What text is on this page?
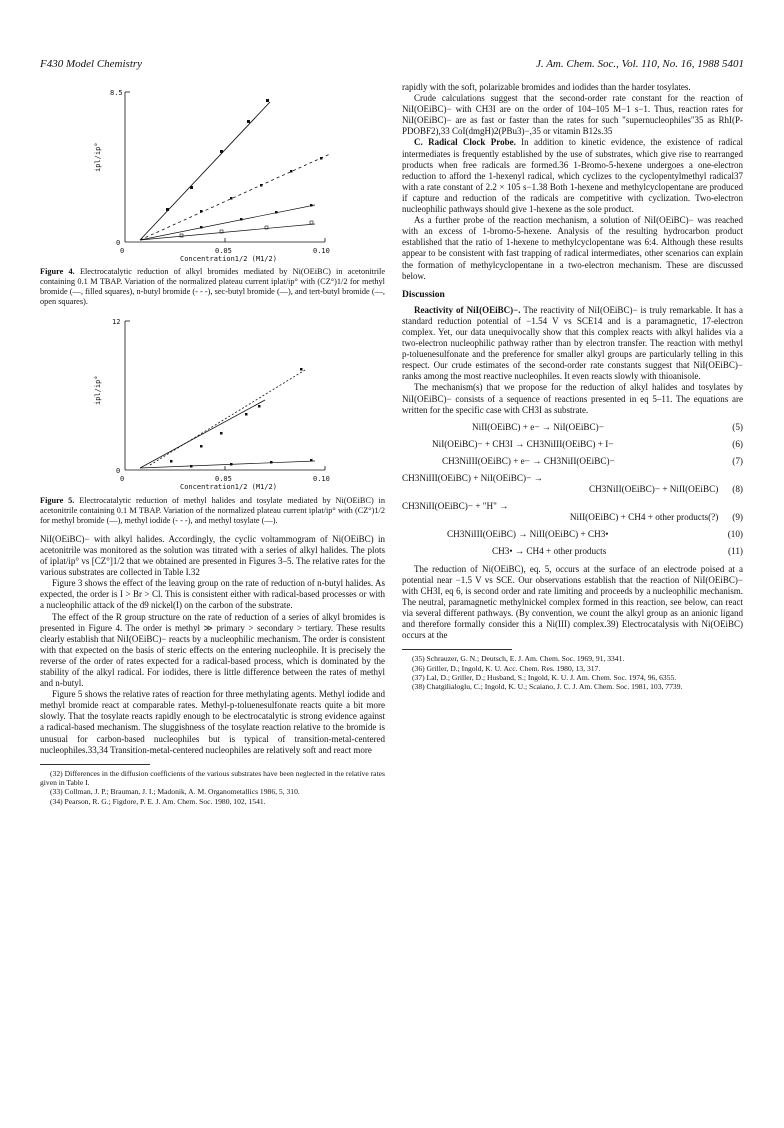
F430 Model Chemistry	J. Am. Chem. Soc., Vol. 110, No. 16, 1988 5401
8.5
0
0	0.05	0.10
Concentration1/2 (M1/2)
ipl/ip°
Figure 4. Electrocatalytic reduction of alkyl bromides mediated by Ni(OEiBC) in acetonitrile containing 0.1 M TBAP. Variation of the normalized plateau current iplat/ip° with (CZ°)1/2 for methyl bromide (—, filled squares), n-butyl bromide (- - -), sec-butyl bromide (—), and tert-butyl bromide (—, open squares).
12
0
0	0.05	0.10
Concentration1/2 (M1/2)
ipl/ip°
Figure 5. Electrocatalytic reduction of methyl halides and tosylate mediated by Ni(OEiBC) in acetonitrile containing 0.1 M TBAP. Variation of the normalized plateau current iplat/ip° with (CZ°)1/2 for methyl bromide (—), methyl iodide (- - -), and methyl tosylate (—).

NiI(OEiBC)− with alkyl halides. Accordingly, the cyclic voltammogram of Ni(OEiBC) in acetonitrile was monitored as the solution was titrated with a series of alkyl halides. The plots of iplat/ip° vs [CZ°]1/2 that we obtained are presented in Figures 3–5. The relative rates for the various substrates are collected in Table I.32

Figure 3 shows the effect of the leaving group on the rate of reduction of n-butyl halides. As expected, the order is I > Br > Cl. This is consistent either with radical-based processes or with a nucleophilic attack of the d9 nickel(I) on the carbon of the substrate.

The effect of the R group structure on the rate of reduction of a series of alkyl bromides is presented in Figure 4. The order is methyl ≫ primary > secondary > tertiary. These results clearly establish that NiI(OEiBC)− reacts by a nucleophilic mechanism. The order is consistent with that expected on the basis of steric effects on the entering nucleophile. It is precisely the reverse of the order of rates expected for a radical-based process, which is dominated by the stability of the alkyl radical. For iodides, there is little difference between the rates of methyl and n-butyl.

Figure 5 shows the relative rates of reaction for three methylating agents. Methyl iodide and methyl bromide react at comparable rates. Methyl-p-toluenesulfonate reacts quite a bit more slowly. That the tosylate reacts rapidly enough to be electrocatalytic is strong evidence against a radical-based mechanism. The sluggishness of the tosylate reaction relative to the bromide is unusual for carbon-based nucleophiles but is typical of transition-metal-centered nucleophiles.33,34 Transition-metal-centered nucleophiles are relatively soft and react more

(32) Differences in the diffusion coefficients of the various substrates have been neglected in the relative rates given in Table I.

(33) Collman, J. P.; Brauman, J. I.; Madonik, A. M. Organometallics 1986, 5, 310.

(34) Pearson, R. G.; Figdore, P. E. J. Am. Chem. Soc. 1980, 102, 1541.

rapidly with the soft, polarizable bromides and iodides than the harder tosylates.

Crude calculations suggest that the second-order rate constant for the reaction of NiI(OEiBC)− with CH3I are on the order of 104–105 M−1 s−1. Thus, reaction rates for NiI(OEiBC)− are as fast or faster than the rates for such "supernucleophiles"35 as RhI(P-PDOBF2),33 CoI(dmgH)2(PBu3)−,35 or vitamin B12s.35

C. Radical Clock Probe. In addition to kinetic evidence, the existence of radical intermediates is frequently established by the use of substrates, which give rise to rearranged products when free radicals are formed.36 1-Bromo-5-hexene undergoes a one-electron reduction to afford the 1-hexenyl radical, which cyclizes to the cyclopentylmethyl radical37 with a rate constant of 2.2 × 105 s−1.38 Both 1-hexene and methylcyclopentane are produced if capture and reduction of the radicals are competitive with cyclization. Two-electron nucleophilic pathways should give 1-hexene as the sole product.

As a further probe of the reaction mechanism, a solution of NiI(OEiBC)− was reached with an excess of 1-bromo-5-hexene. Analysis of the resulting hydrocarbon product established that the ratio of 1-hexene to methylcyclopentane was 6:4. Although these results appear to be consistent with fast trapping of radical intermediates, other scenarios can explain the formation of methylcyclopentane in a two-electron mechanism. These are discussed below.

Discussion

Reactivity of NiI(OEiBC)−. The reactivity of NiI(OEiBC)− is truly remarkable. It has a standard reduction potential of −1.54 V vs SCE14 and is a paramagnetic, 17-electron complex. Yet, our data unequivocally show that this complex reacts with alkyl halides via a two-electron nucleophilic pathway rather than by electron transfer. The reaction with methyl p-toluenesulfonate and the preference for smaller alkyl groups are particularly telling in this respect. Our crude estimates of the second-order rate constants suggest that NiI(OEiBC)− ranks among the most reactive nucleophiles. It even reacts slowly with thioanisole.

The mechanism(s) that we propose for the reduction of alkyl halides and tosylates by NiI(OEiBC)− consists of a sequence of reactions presented in eq 5–11. The equations are written for the specific case with CH3I as substrate.

NiII(OEiBC) + e− → NiI(OEiBC)−	(5)
NiI(OEiBC)− + CH3I → CH3NiIII(OEiBC) + I−	(6)
CH3NiIII(OEiBC) + e− → CH3NiII(OEiBC)−	(7)
CH3NiIII(OEiBC) + NiI(OEiBC)− →
CH3NiII(OEiBC)− + NiII(OEiBC) (8)
CH3NiII(OEiBC)− + "H" →
NiII(OEiBC) + CH4 + other products(?) (9)
CH3NiIII(OEiBC) → NiII(OEiBC) + CH3•	(10)
CH3• → CH4 + other products	(11)

The reduction of Ni(OEiBC), eq. 5, occurs at the surface of an electrode poised at a potential near −1.5 V vs SCE. Our observations establish that the reaction of NiI(OEiBC)− with CH3I, eq 6, is second order and rate limiting and proceeds by a nucleophilic mechanism. The neutral, paramagnetic methylnickel complex formed in this reaction, see below, can react via several different pathways. (By convention, we count the alkyl group as an anionic ligand and therefore formally consider this a Ni(III) complex.39) Electrocatalysis with Ni(OEiBC) occurs at the

(35) Schrauzer, G. N.; Deutsch, E. J. Am. Chem. Soc. 1969, 91, 3341.

(36) Griller, D.; Ingold, K. U. Acc. Chem. Res. 1980, 13, 317.

(37) Lal, D.; Griller, D.; Husband, S.; Ingold, K. U. J. Am. Chem. Soc. 1974, 96, 6355.

(38) Chatgilialoglu, C.; Ingold, K. U.; Scaiano, J. C. J. Am. Chem. Soc. 1981, 103, 7739.
